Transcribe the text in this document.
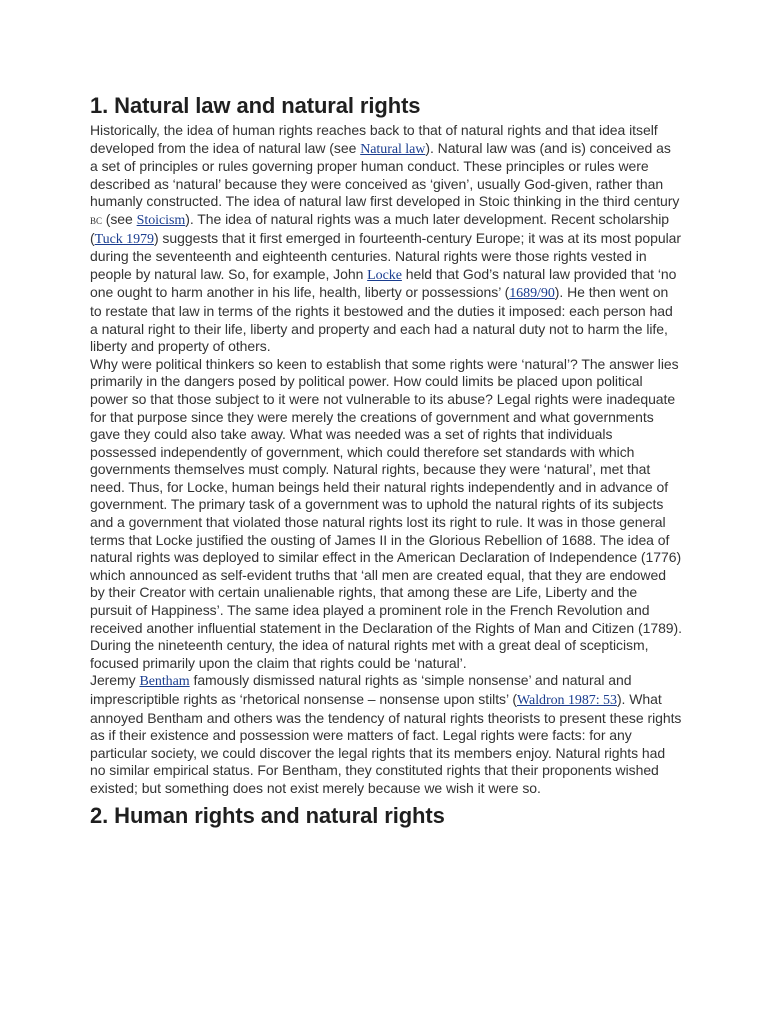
1. Natural law and natural rights

Historically, the idea of human rights reaches back to that of natural rights and that idea itself developed from the idea of natural law (see Natural law). Natural law was (and is) conceived as a set of principles or rules governing proper human conduct. These principles or rules were described as ‘natural’ because they were conceived as ‘given’, usually God-given, rather than humanly constructed. The idea of natural law first developed in Stoic thinking in the third century bc (see Stoicism). The idea of natural rights was a much later development. Recent scholarship (Tuck 1979) suggests that it first emerged in fourteenth-century Europe; it was at its most popular during the seventeenth and eighteenth centuries. Natural rights were those rights vested in people by natural law. So, for example, John Locke held that God’s natural law provided that ‘no one ought to harm another in his life, health, liberty or possessions’ (1689/90). He then went on to restate that law in terms of the rights it bestowed and the duties it imposed: each person had a natural right to their life, liberty and property and each had a natural duty not to harm the life, liberty and property of others.

Why were political thinkers so keen to establish that some rights were ‘natural’? The answer lies primarily in the dangers posed by political power. How could limits be placed upon political power so that those subject to it were not vulnerable to its abuse? Legal rights were inadequate for that purpose since they were merely the creations of government and what governments gave they could also take away. What was needed was a set of rights that individuals possessed independently of government, which could therefore set standards with which governments themselves must comply. Natural rights, because they were ‘natural’, met that need. Thus, for Locke, human beings held their natural rights independently and in advance of government. The primary task of a government was to uphold the natural rights of its subjects and a government that violated those natural rights lost its right to rule. It was in those general terms that Locke justified the ousting of James II in the Glorious Rebellion of 1688. The idea of natural rights was deployed to similar effect in the American Declaration of Independence (1776) which announced as self-evident truths that ‘all men are created equal, that they are endowed by their Creator with certain unalienable rights, that among these are Life, Liberty and the pursuit of Happiness’. The same idea played a prominent role in the French Revolution and received another influential statement in the Declaration of the Rights of Man and Citizen (1789).

During the nineteenth century, the idea of natural rights met with a great deal of scepticism, focused primarily upon the claim that rights could be ‘natural’.

Jeremy Bentham famously dismissed natural rights as ‘simple nonsense’ and natural and imprescriptible rights as ‘rhetorical nonsense – nonsense upon stilts’ (Waldron 1987: 53). What annoyed Bentham and others was the tendency of natural rights theorists to present these rights as if their existence and possession were matters of fact. Legal rights were facts: for any particular society, we could discover the legal rights that its members enjoy. Natural rights had no similar empirical status. For Bentham, they constituted rights that their proponents wished existed; but something does not exist merely because we wish it were so.

2. Human rights and natural rights
